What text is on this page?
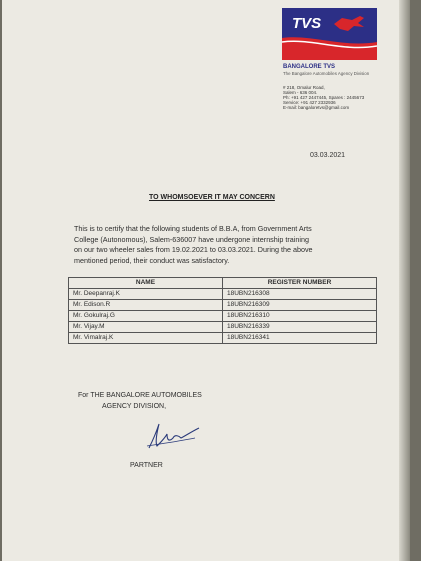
TVS
BANGALORE TVS
The Bangalore Automobiles Agency Division
# 218, Omalur Road,
Salem - 636 004.
Ph: +91 427 2447445, Spares : 2445673
Service: +91 427 2332936
E-mail: bangaloretvs@gmail.com
03.03.2021
TO WHOMSOEVER IT MAY CONCERN
This is to certify that the following students of B.B.A, from Government Arts
College (Autonomous), Salem-636007 have undergone internship training
on our two wheeler sales from 19.02.2021 to 03.03.2021. During the above
mentioned period, their conduct was satisfactory.
NAME	REGISTER NUMBER
Mr. Deepanraj.K	18UBN216308
Mr. Edison.R	18UBN216309
Mr. Gokulraj.G	18UBN216310
Mr. Vijay.M	18UBN216339
Mr. Vimalraj.K	18UBN216341
For THE BANGALORE AUTOMOBILES
AGENCY DIVISION,
PARTNER
